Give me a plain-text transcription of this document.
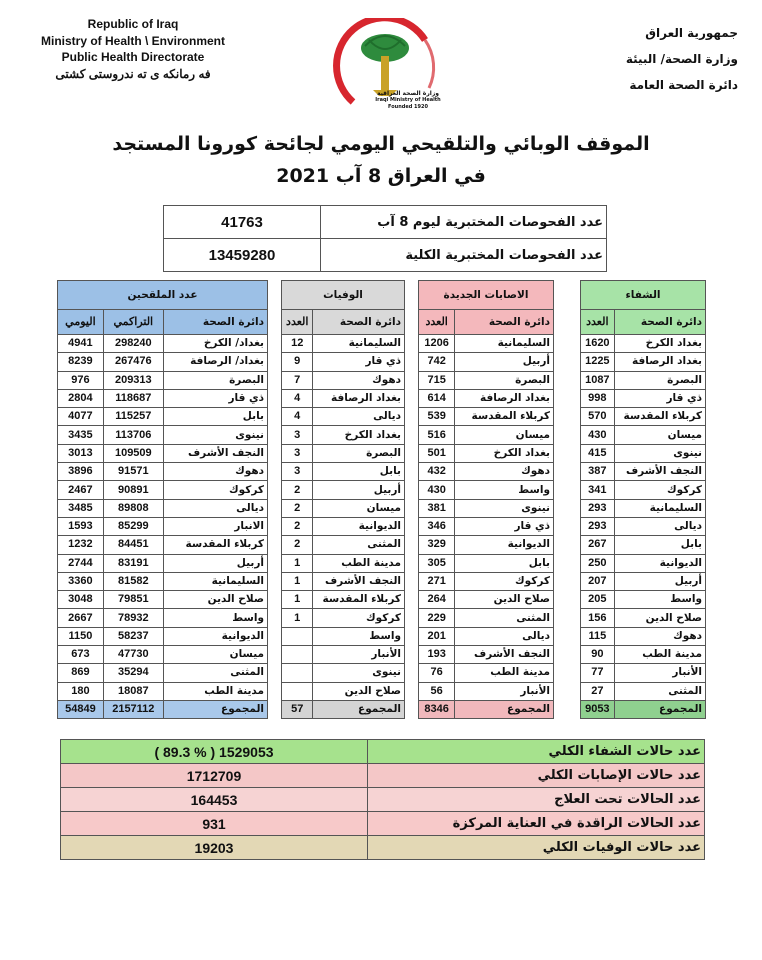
Republic of Iraq
Ministry of Health \ Environment
Public Health Directorate
فه رمانكه ى ته ندروستى كشتى
وزارة الصحة العراقية
Iraqi Ministry of Health
Founded 1920
جمهورية العراق
وزارة الصحة/ البيئة
دائرة الصحة العامة
الموقف الوبائي والتلقيحي اليومي لجائحة كورونا المستجد
في العراق 8 آب 2021
عدد الفحوصات المختبرية ليوم 8 آب	41763
عدد الفحوصات المختبرية الكلية	13459280
الشفاء	
دائرة الصحة	العدد
بغداد الكرخ	1620
بغداد الرصافة	1225
البصرة	1087
ذي قار	998
كربلاء المقدسة	570
ميسان	430
نينوى	415
النجف الأشرف	387
كركوك	341
السليمانية	293
ديالى	293
بابل	267
الديوانية	250
أربيل	207
واسط	205
صلاح الدين	156
دهوك	115
مدينة الطب	90
الأنبار	77
المثنى	27
المجموع	9053
الاصابات الجديدة	
دائرة الصحة	العدد
السليمانية	1206
أربيل	742
البصرة	715
بغداد الرصافة	614
كربلاء المقدسة	539
ميسان	516
بغداد الكرخ	501
دهوك	432
واسط	430
نينوى	381
ذي قار	346
الديوانية	329
بابل	305
كركوك	271
صلاح الدين	264
المثنى	229
ديالى	201
النجف الأشرف	193
مدينة الطب	76
الأنبار	56
المجموع	8346
الوفيات	
دائرة الصحة	العدد
السليمانية	12
ذي قار	9
دهوك	7
بغداد الرصافة	4
ديالى	4
بغداد الكرخ	3
البصرة	3
بابل	3
أربيل	2
ميسان	2
الديوانية	2
المثنى	2
مدينة الطب	1
النجف الأشرف	1
كربلاء المقدسة	1
كركوك	1
واسط	
الأنبار	
نينوى	
صلاح الدين	
المجموع	57
عدد الملقحين		
دائرة الصحة	التراكمي	اليومي
بغداد/ الكرخ	298240	4941
بغداد/ الرصافة	267476	8239
البصرة	209313	976
ذي قار	118687	2804
بابل	115257	4077
نينوى	113706	3435
النجف الأشرف	109509	3013
دهوك	91571	3896
كركوك	90891	2467
ديالى	89808	3485
الانبار	85299	1593
كربلاء المقدسة	84451	1232
أربيل	83191	2744
السليمانية	81582	3360
صلاح الدين	79851	3048
واسط	78932	2667
الديوانية	58237	1150
ميسان	47730	673
المثنى	35294	869
مدينة الطب	18087	180
المجموع	2157112	54849
عدد حالات الشفاء الكلي	( 89.3 % ) 1529053
عدد حالات الإصابات الكلي	1712709
عدد الحالات تحت العلاج	164453
عدد الحالات الراقدة في العناية المركزة	931
عدد حالات الوفيات الكلي	19203
